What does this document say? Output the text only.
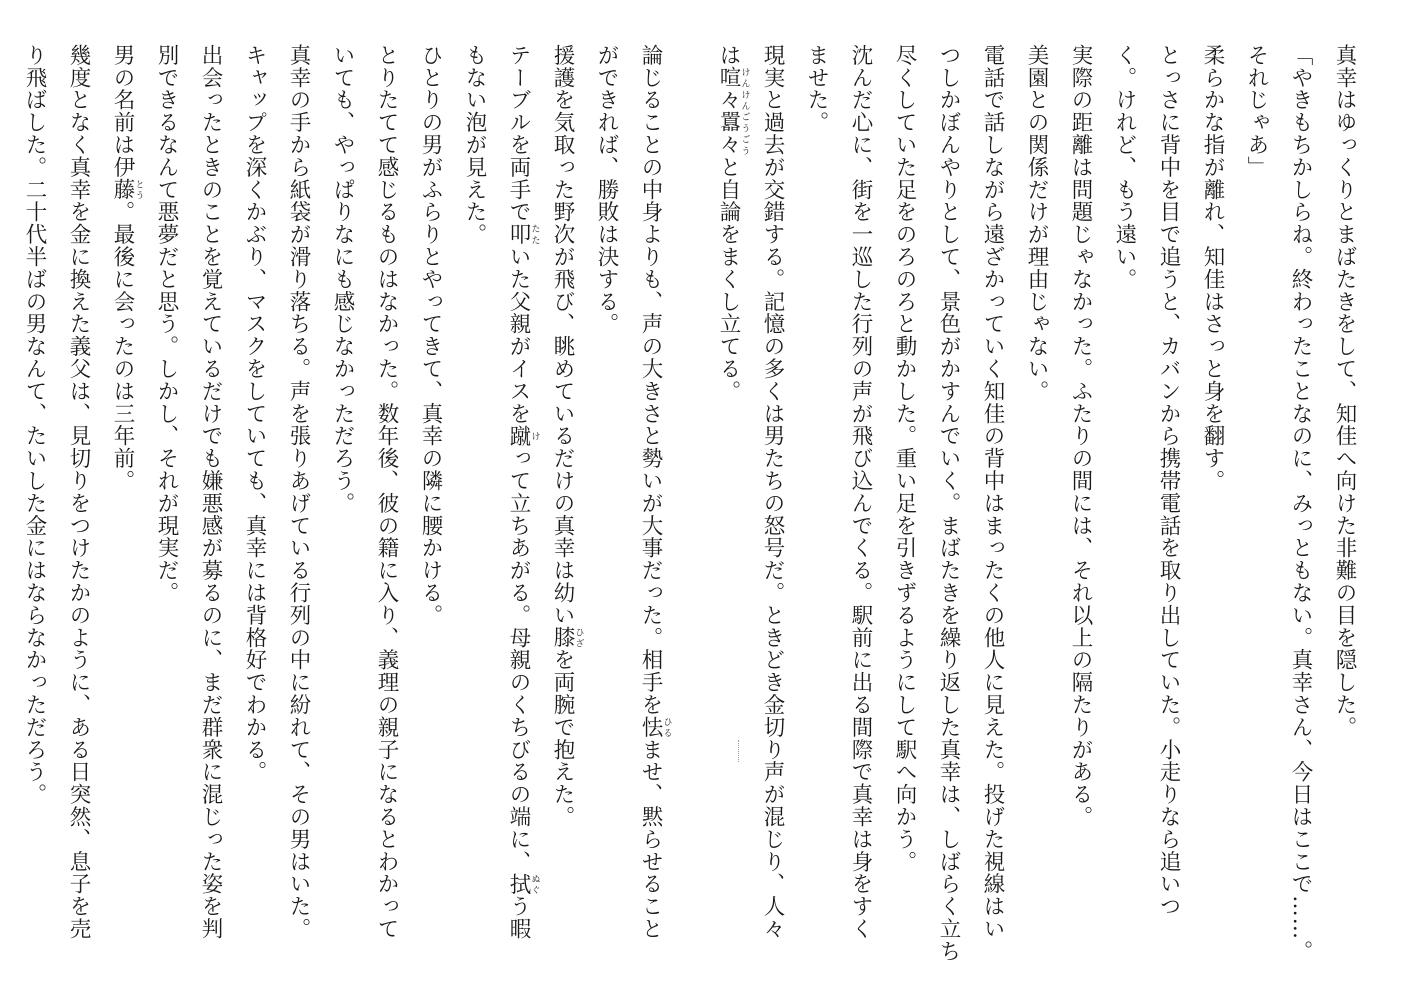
真幸はゆっくりとまばたきをして、知佳へ向けた非難の目を隠した。
「やきもちかしらね。終わったことなのに、みっともない。真幸さん、今日はここで……。
それじゃあ」
柔らかな指が離れ、知佳はさっと身を翻す。
とっさに背中を目で追うと、カバンから携帯電話を取り出していた。小走りなら追いつ
く。けれど、もう遠い。
実際の距離は問題じゃなかった。ふたりの間には、それ以上の隔たりがある。
美園との関係だけが理由じゃない。
電話で話しながら遠ざかっていく知佳の背中はまったくの他人に見えた。投げた視線はい
つしかぼんやりとして、景色がかすんでいく。まばたきを繰り返した真幸は、しばらく立ち
尽くしていた足をのろのろと動かした。重い足を引きずるようにして駅へ向かう。
沈んだ心に、街を一巡した行列の声が飛び込んでくる。駅前に出る間際で真幸は身をすく
ませた。
現実と過去が交錯する。記憶の多くは男たちの怒号だ。ときどき金切り声が混じり、人々
は喧々囂々けんけんごうごうと自論をまくし立てる。
論じることの中身よりも、声の大きさと勢いが大事だった。相手を怯ひるませ、黙らせること
ができれば、勝敗は決する。
援護を気取った野次が飛び、眺めているだけの真幸は幼い膝ひざを両腕で抱えた。
テーブルを両手で叩たたいた父親がイスを蹴けって立ちあがる。母親のくちびるの端に、拭ぬぐう暇
もない泡が見えた。
ひとりの男がふらりとやってきて、真幸の隣に腰かける。
とりたてて感じるものはなかった。数年後、彼の籍に入り、義理の親子になるとわかって
いても、やっぱりなにも感じなかっただろう。
真幸の手から紙袋が滑り落ちる。声を張りあげている行列の中に紛れて、その男はいた。
キャップを深くかぶり、マスクをしていても、真幸には背格好でわかる。
出会ったときのことを覚えているだけでも嫌悪感が募るのに、まだ群衆に混じった姿を判
別できるなんて悪夢だと思う。しかし、それが現実だ。
男の名前は伊藤とう。最後に会ったのは三年前。
幾度となく真幸を金に換えた義父は、見切りをつけたかのように、ある日突然、息子を売
り飛ばした。二十代半ばの男なんて、たいした金にはならなかっただろう。
